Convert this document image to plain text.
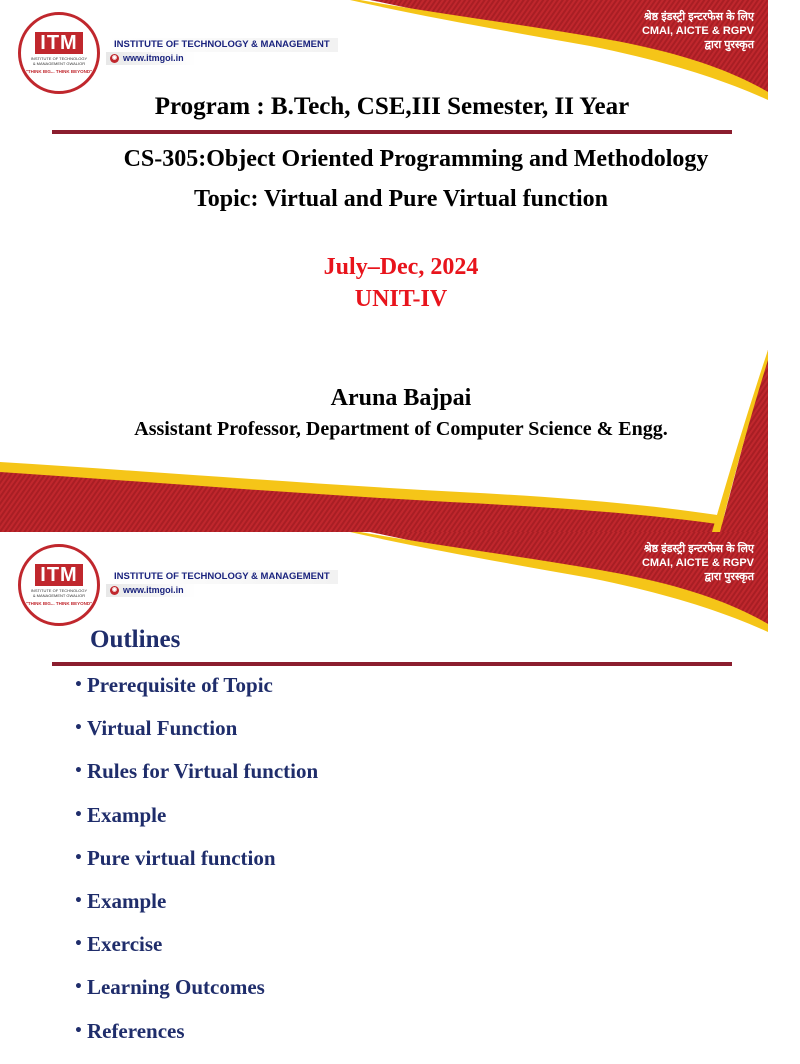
ITM
INSTITUTE OF TECHNOLOGY & MANAGEMENT GWALIOR
"THINK BIG... THINK BEYOND"
INSTITUTE OF TECHNOLOGY & MANAGEMENT
◉ www.itmgoi.in
श्रेष्ठ इंडस्ट्री इन्टरफेस के लिए
CMAI, AICTE & RGPV
द्वारा पुरस्कृत
Program : B.Tech, CSE,III Semester, II Year
CS-305:Object Oriented Programming and Methodology
Topic: Virtual and Pure Virtual function
July–Dec, 2024
UNIT-IV
Aruna Bajpai
Assistant Professor, Department of Computer Science & Engg.
ITM
INSTITUTE OF TECHNOLOGY & MANAGEMENT GWALIOR
"THINK BIG... THINK BEYOND"
INSTITUTE OF TECHNOLOGY & MANAGEMENT
◉ www.itmgoi.in
श्रेष्ठ इंडस्ट्री इन्टरफेस के लिए
CMAI, AICTE & RGPV
द्वारा पुरस्कृत
Outlines
• Prerequisite of Topic
• Virtual Function
• Rules for Virtual function
• Example
• Pure virtual function
• Example
• Exercise
• Learning Outcomes
• References
